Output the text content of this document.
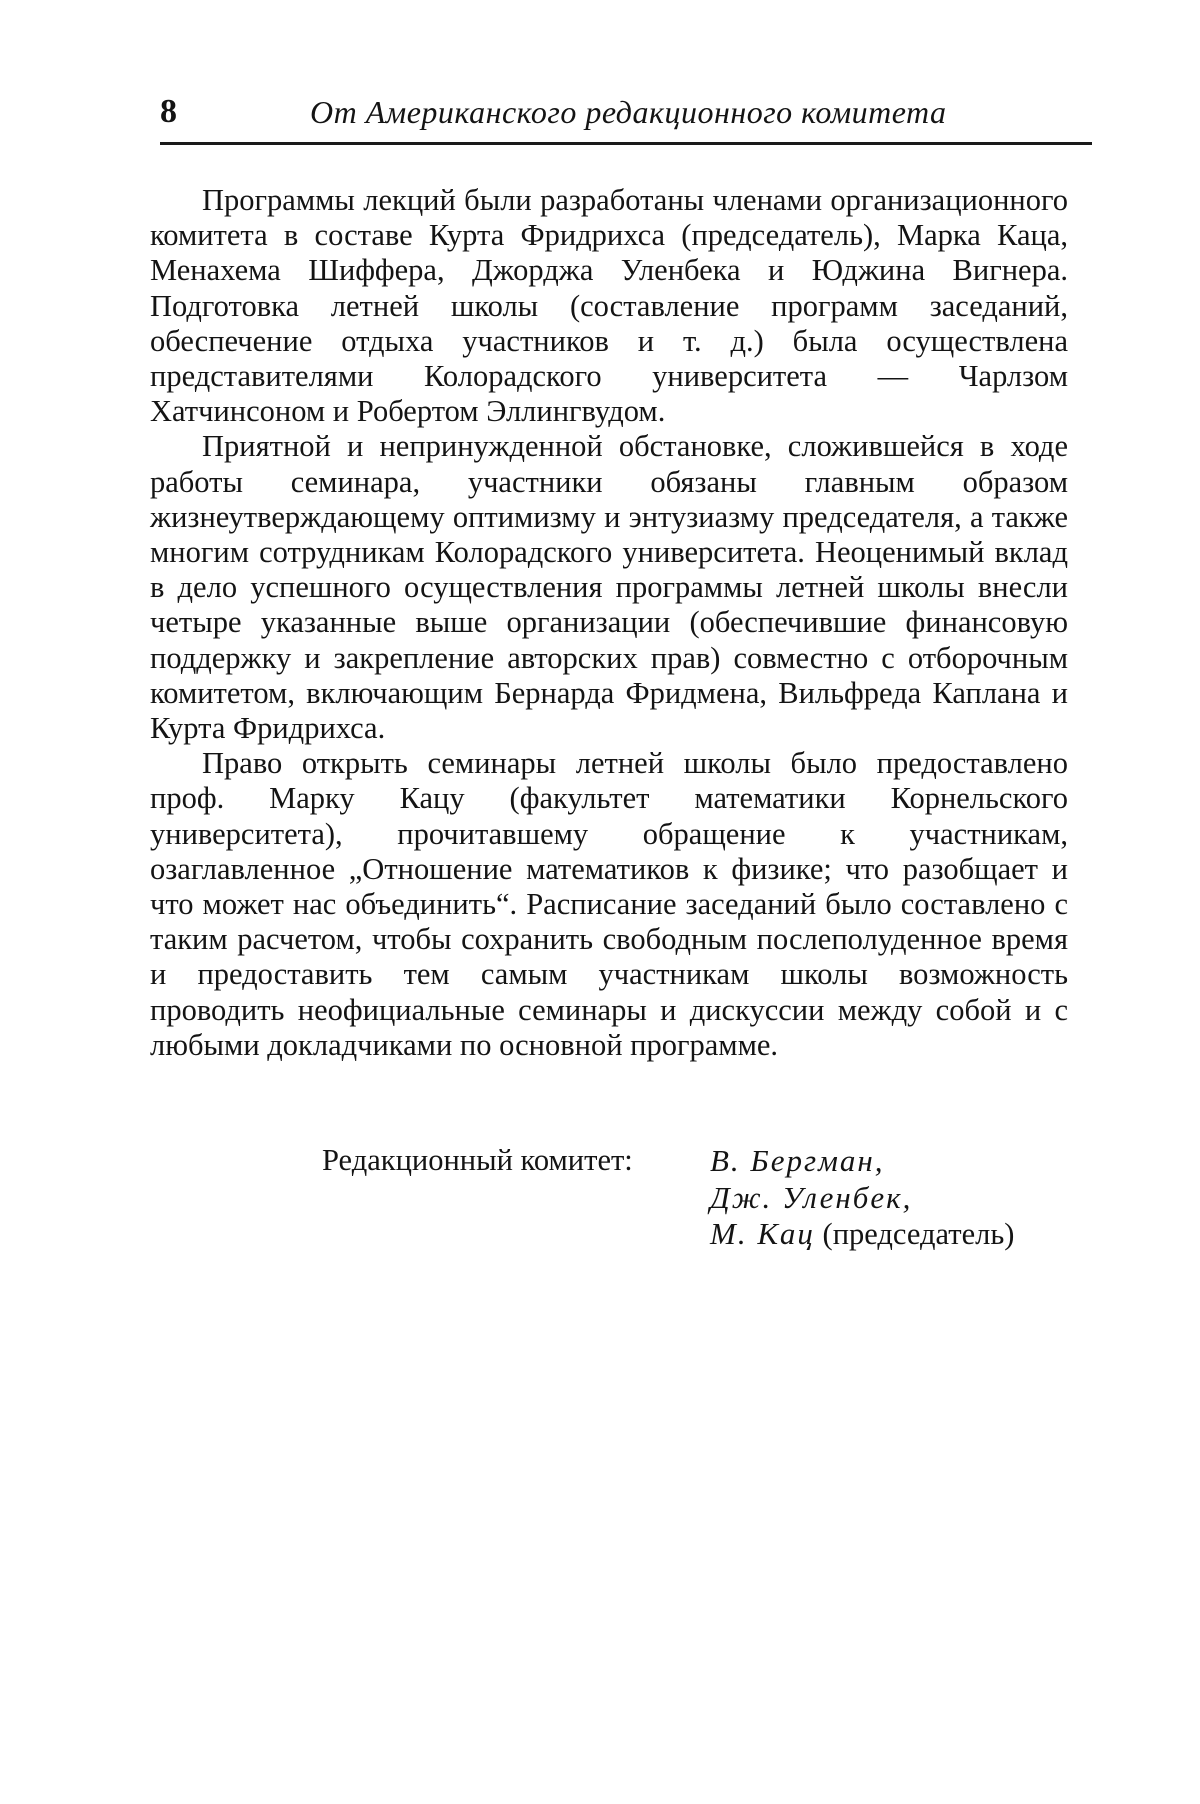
8	От Американского редакционного комитета

Программы лекций были разработаны членами организационного комитета в составе Курта Фридрихса (председатель), Марка Каца, Менахема Шиффера, Джорджа Уленбека и Юджина Вигнера. Подготовка летней школы (составление программ заседаний, обеспечение отдыха участников и т. д.) была осуществлена представителями Колорадского университета — Чарлзом Хатчинсоном и Робертом Эллингвудом.

Приятной и непринужденной обстановке, сложившейся в ходе работы семинара, участники обязаны главным образом жизнеутверждающему оптимизму и энтузиазму председателя, а также многим сотрудникам Колорадского университета. Неоценимый вклад в дело успешного осуществления программы летней школы внесли четыре указанные выше организации (обеспечившие финансовую поддержку и закрепление авторских прав) совместно с отборочным комитетом, включающим Бернарда Фридмена, Вильфреда Каплана и Курта Фридрихса.

Право открыть семинары летней школы было предоставлено проф. Марку Кацу (факультет математики Корнельского университета), прочитавшему обращение к участникам, озаглавленное „Отношение математиков к физике; что разобщает и что может нас объединить“. Расписание заседаний было составлено с таким расчетом, чтобы сохранить свободным послеполуденное время и предоставить тем самым участникам школы возможность проводить неофициальные семинары и дискуссии между собой и с любыми докладчиками по основной программе.

Редакционный комитет: В. Бергман,
Дж. Уленбек,
М. Кац (председатель)
